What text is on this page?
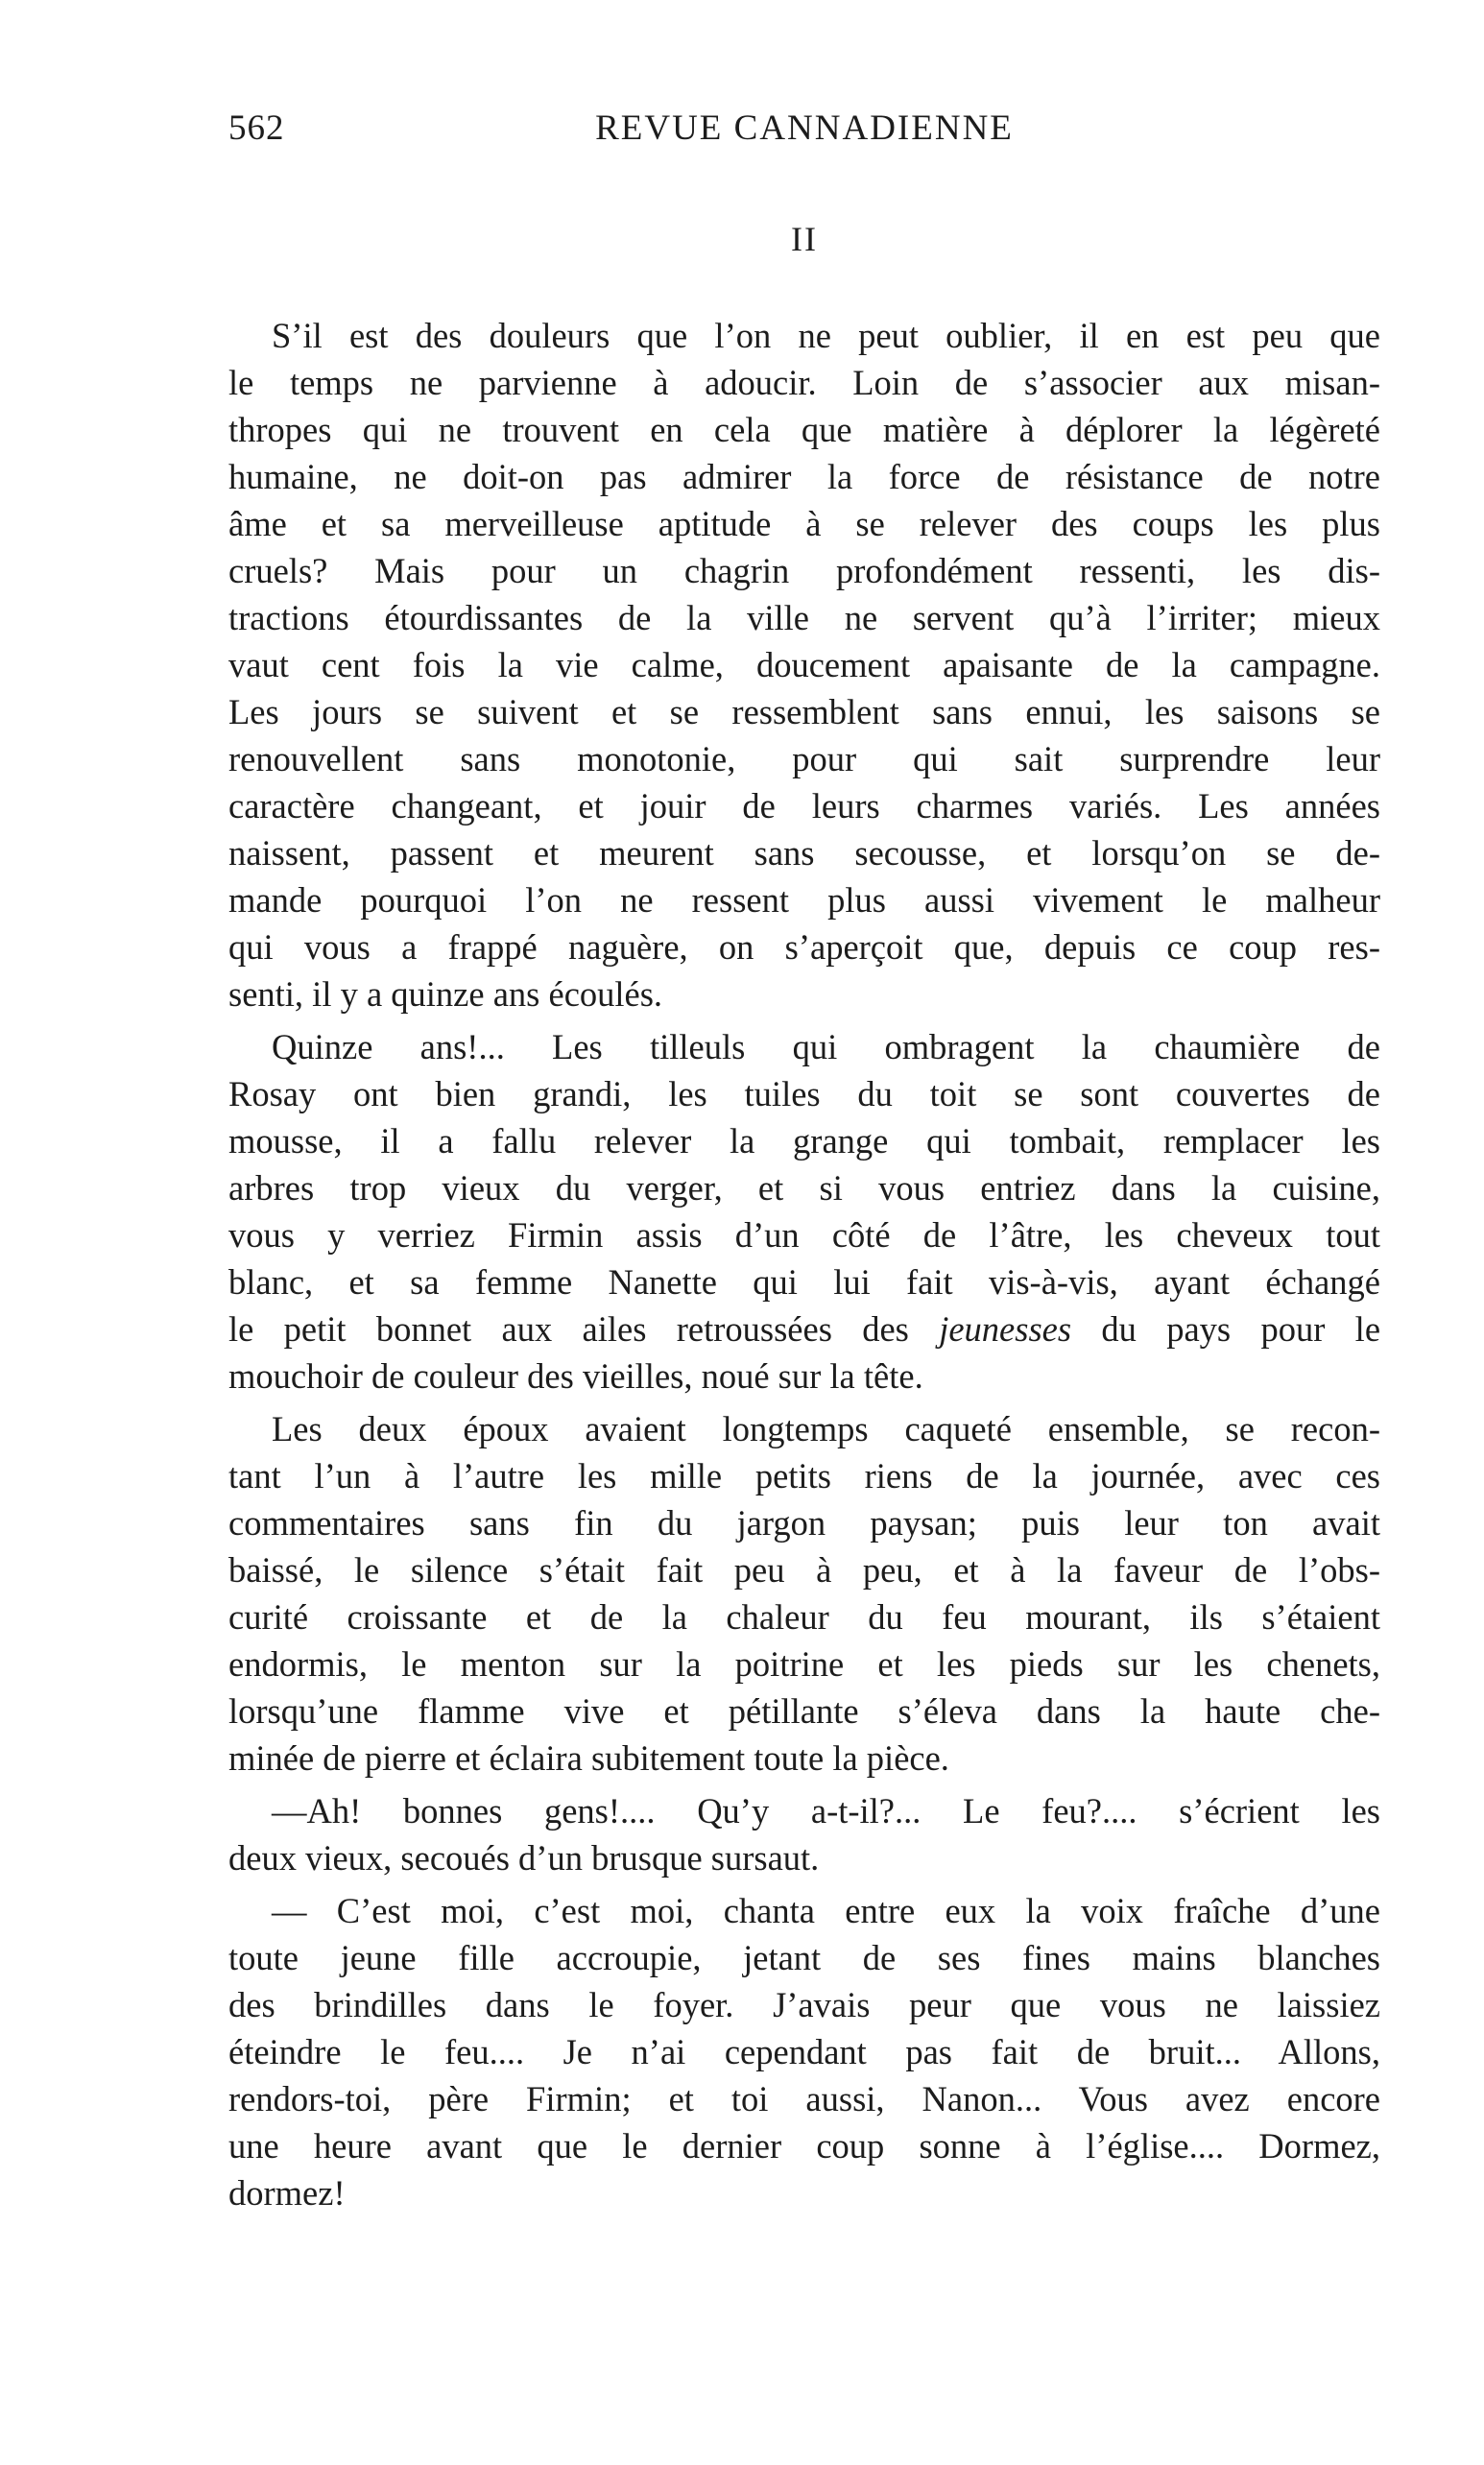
562	REVUE CANNADIENNE
II
S’il est des douleurs que l’on ne peut oublier, il en est peu que
le temps ne parvienne à adoucir. Loin de s’associer aux misan-
thropes qui ne trouvent en cela que matière à déplorer la légèreté
humaine, ne doit-on pas admirer la force de résistance de notre
âme et sa merveilleuse aptitude à se relever des coups les plus
cruels? Mais pour un chagrin profondément ressenti, les dis-
tractions étourdissantes de la ville ne servent qu’à l’irriter; mieux
vaut cent fois la vie calme, doucement apaisante de la campagne.
Les jours se suivent et se ressemblent sans ennui, les saisons se
renouvellent sans monotonie, pour qui sait surprendre leur
caractère changeant, et jouir de leurs charmes variés. Les années
naissent, passent et meurent sans secousse, et lorsqu’on se de-
mande pourquoi l’on ne ressent plus aussi vivement le malheur
qui vous a frappé naguère, on s’aperçoit que, depuis ce coup res-
senti, il y a quinze ans écoulés.
Quinze ans!... Les tilleuls qui ombragent la chaumière de
Rosay ont bien grandi, les tuiles du toit se sont couvertes de
mousse, il a fallu relever la grange qui tombait, remplacer les
arbres trop vieux du verger, et si vous entriez dans la cuisine,
vous y verriez Firmin assis d’un côté de l’âtre, les cheveux tout
blanc, et sa femme Nanette qui lui fait vis-à-vis, ayant échangé
le petit bonnet aux ailes retroussées des jeunesses du pays pour le
mouchoir de couleur des vieilles, noué sur la tête.
Les deux époux avaient longtemps caqueté ensemble, se recon-
tant l’un à l’autre les mille petits riens de la journée, avec ces
commentaires sans fin du jargon paysan; puis leur ton avait
baissé, le silence s’était fait peu à peu, et à la faveur de l’obs-
curité croissante et de la chaleur du feu mourant, ils s’étaient
endormis, le menton sur la poitrine et les pieds sur les chenets,
lorsqu’une flamme vive et pétillante s’éleva dans la haute che-
minée de pierre et éclaira subitement toute la pièce.
—Ah! bonnes gens!.... Qu’y a-t-il?... Le feu?.... s’écrient les
deux vieux, secoués d’un brusque sursaut.
— C’est moi, c’est moi, chanta entre eux la voix fraîche d’une
toute jeune fille accroupie, jetant de ses fines mains blanches
des brindilles dans le foyer. J’avais peur que vous ne laissiez
éteindre le feu.... Je n’ai cependant pas fait de bruit... Allons,
rendors-toi, père Firmin; et toi aussi, Nanon... Vous avez encore
une heure avant que le dernier coup sonne à l’église.... Dormez,
dormez!
